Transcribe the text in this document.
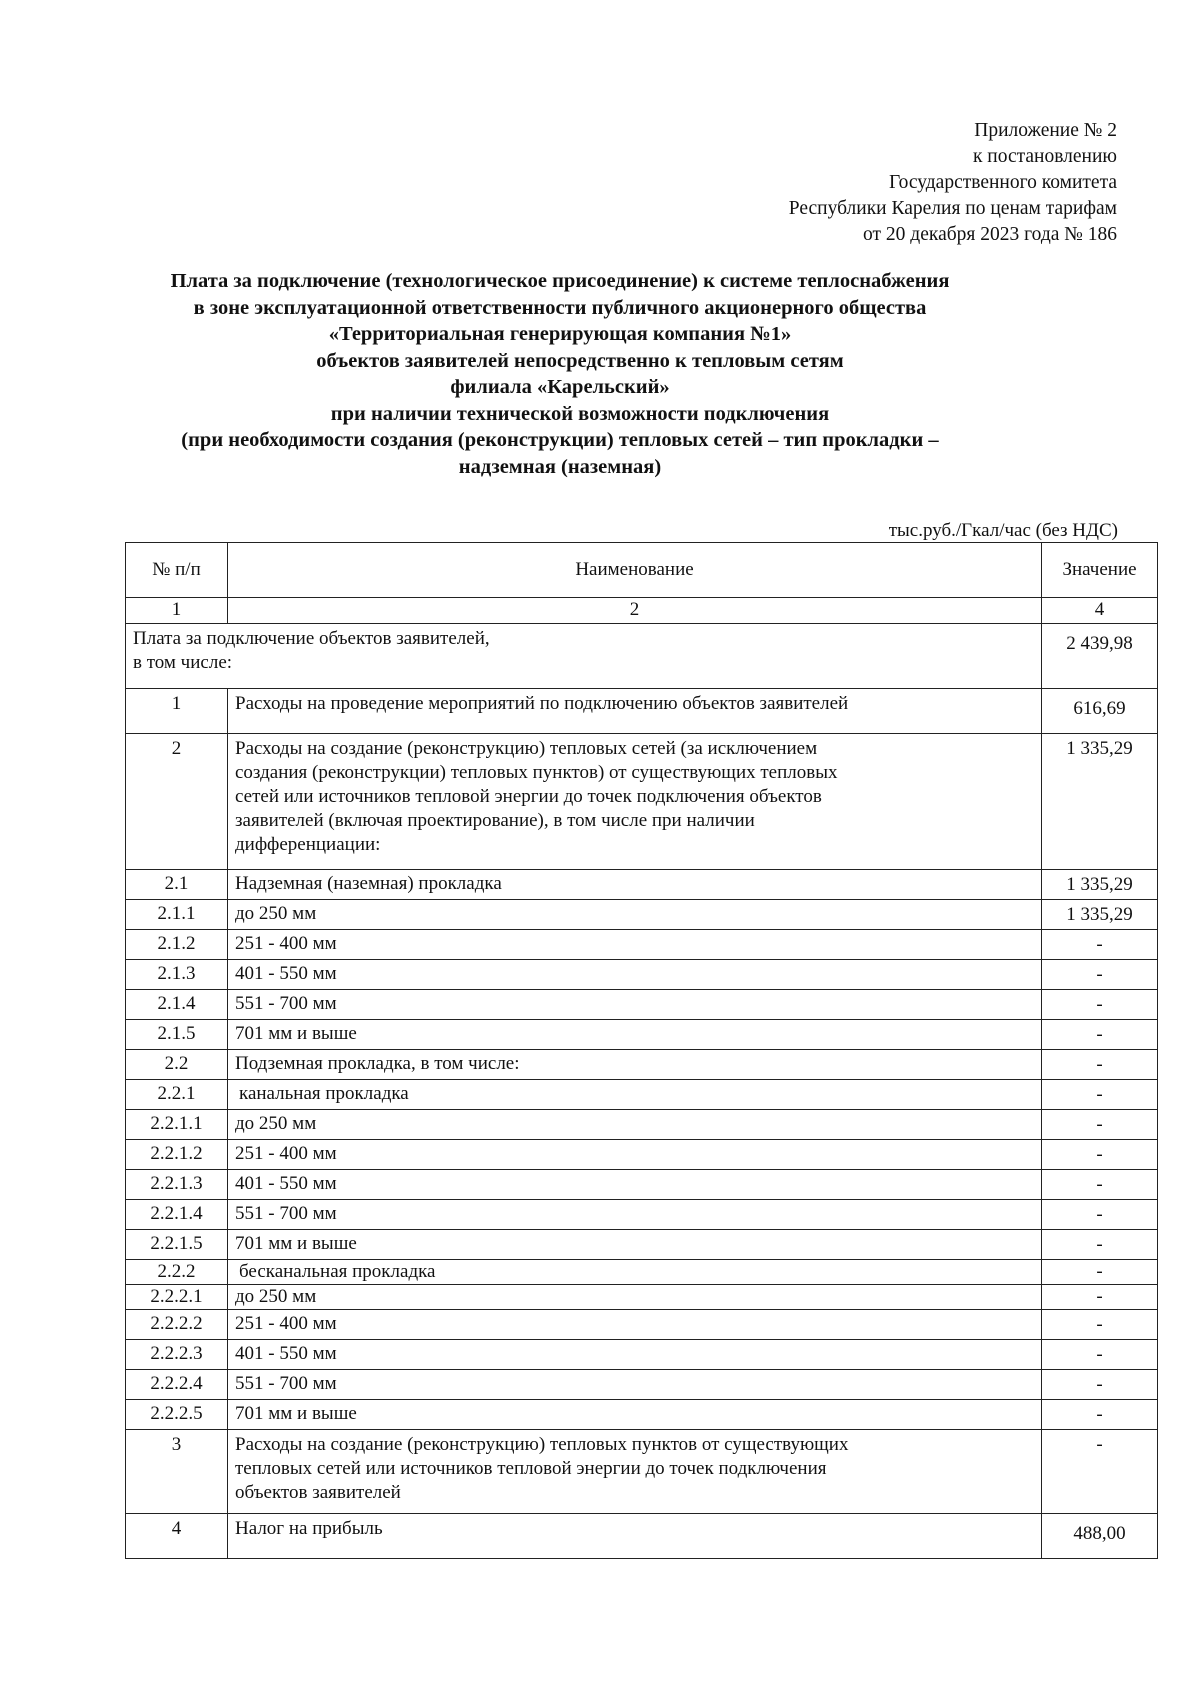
Приложение № 2
к постановлению
Государственного комитета
Республики Карелия по ценам тарифам
от 20 декабря 2023 года № 186
Плата за подключение (технологическое присоединение) к системе теплоснабжения
в зоне эксплуатационной ответственности публичного акционерного общества
«Территориальная генерирующая компания №1»
объектов заявителей непосредственно к тепловым сетям
филиала «Карельский»
при наличии технической возможности подключения
(при необходимости создания (реконструкции) тепловых сетей – тип прокладки –
надземная (наземная)
тыс.руб./Гкал/час (без НДС)
№ п/п	Наименование	Значение
1	2	4

Плата за подключение объектов заявителей,
в том числе:		2 439,98
1	Расходы на проведение мероприятий по подключению объектов заявителей	616,69
2	Расходы на создание (реконструкцию) тепловых сетей (за исключением
создания (реконструкции) тепловых пунктов) от существующих тепловых
сетей или источников тепловой энергии до точек подключения объектов
заявителей (включая проектирование), в том числе при наличии
дифференциации:	1 335,29
2.1	Надземная (наземная) прокладка	1 335,29
2.1.1	до 250 мм	1 335,29
2.1.2	251 - 400 мм	-
2.1.3	401 - 550 мм	-
2.1.4	551 - 700 мм	-
2.1.5	701 мм и выше	-
2.2	Подземная прокладка, в том числе:	-
2.2.1	канальная прокладка	-
2.2.1.1	до 250 мм	-
2.2.1.2	251 - 400 мм	-
2.2.1.3	401 - 550 мм	-
2.2.1.4	551 - 700 мм	-
2.2.1.5	701 мм и выше	-
2.2.2	бесканальная прокладка	-
2.2.2.1	до 250 мм	-
2.2.2.2	251 - 400 мм	-
2.2.2.3	401 - 550 мм	-
2.2.2.4	551 - 700 мм	-
2.2.2.5	701 мм и выше	-
3	Расходы на создание (реконструкцию) тепловых пунктов от существующих
тепловых сетей или источников тепловой энергии до точек подключения
объектов заявителей	-
4	Налог на прибыль	488,00
